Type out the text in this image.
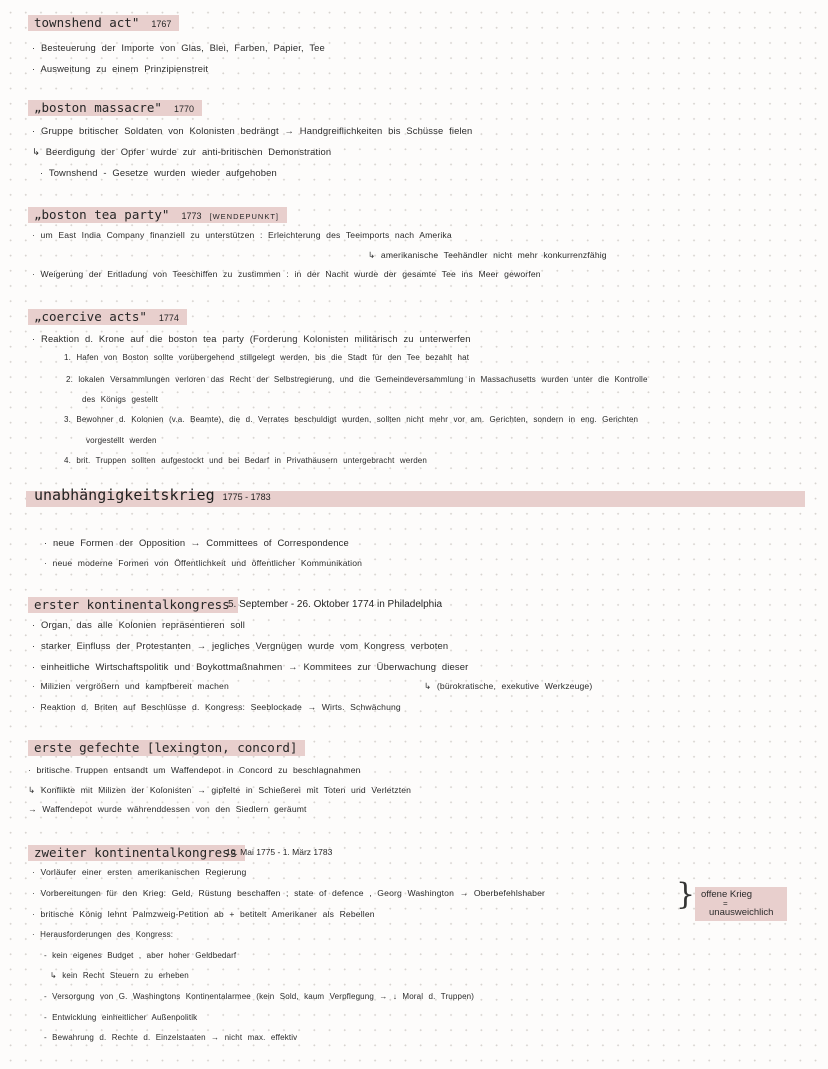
townshend act" 1767
· Besteuerung der Importe von Glas, Blei, Farben, Papier, Tee
· Ausweitung zu einem Prinzipienstreit
„boston massacre" 1770
· Gruppe britischer Soldaten von Kolonisten bedrängt → Handgreiflichkeiten bis Schüsse fielen
↳ Beerdigung der Opfer wurde zur anti-britischen Demonstration
· Townshend - Gesetze wurden wieder aufgehoben
„boston tea party" 1773 [WENDEPUNKT]
· um East India Company finanziell zu unterstützen : Erleichterung des Teeimports nach Amerika
↳ amerikanische Teehändler nicht mehr konkurrenzfähig
· Weigerung der Entladung von Teeschiffen zu zustimmen : in der Nacht wurde der gesamte Tee ins Meer geworfen
„coercive acts" 1774
· Reaktion d. Krone auf die boston tea party (Forderung Kolonisten militärisch zu unterwerfen
1. Hafen von Boston sollte vorübergehend stillgelegt werden, bis die Stadt für den Tee bezahlt hat
2. lokalen Versammlungen verloren das Recht der Selbstregierung, und die Gemeindeversammlung in Massachusetts wurden unter die Kontrolle
des Königs gestellt
3. Bewohner d. Kolonien (v.a. Beamte), die d. Verrates beschuldigt wurden, sollten nicht mehr vor am. Gerichten, sondern in eng. Gerichten
vorgestellt werden
4. brit. Truppen sollten aufgestockt und bei Bedarf in Privathäusern untergebracht werden
unabhängigkeitskrieg 1775 - 1783
· neue Formen der Opposition → Committees of Correspondence
· neue moderne Formen von Öffentlichkeit und öffentlicher Kommunikation
erster kontinentalkongress
5. September - 26. Oktober 1774 in Philadelphia
· Organ, das alle Kolonien repräsentieren soll
· starker Einfluss der Protestanten → jegliches Vergnügen wurde vom Kongress verboten
· einheitliche Wirtschaftspolitik und Boykottmaßnahmen → Kommitees zur Überwachung dieser
· Milizien vergrößern und kampfbereit machen	↳ (bürokratische, exekutive Werkzeuge)
· Reaktion d. Briten auf Beschlüsse d. Kongress: Seeblockade → Wirts. Schwächung
erste gefechte [lexington, concord]
· britische Truppen entsandt um Waffendepot in Concord zu beschlagnahmen
↳ Konflikte mit Milizen der Kolonisten → gipfelte in Schießerei mit Toten und Verletzten
→ Waffendepot wurde währenddessen von den Siedlern geräumt
zweiter kontinentalkongress
10. Mai 1775 - 1. März 1783
· Vorläufer einer ersten amerikanischen Regierung
· Vorbereitungen für den Krieg: Geld, Rüstung beschaffen ; state of defence , Georg Washington → Oberbefehlshaber
· britische König lehnt Palmzweig-Petition ab + betitelt Amerikaner als Rebellen
· Herausforderungen des Kongress:
- kein eigenes Budget , aber hoher Geldbedarf
↳ kein Recht Steuern zu erheben
- Versorgung von G. Washingtons Kontinentalarmee (kein Sold, kaum Verpflegung → ↓ Moral d. Truppen)
- Entwicklung einheitlicher Außenpolitik
- Bewahrung d. Rechte d. Einzelstaaten → nicht max. effektiv
} offene Krieg
=
unausweichlich
